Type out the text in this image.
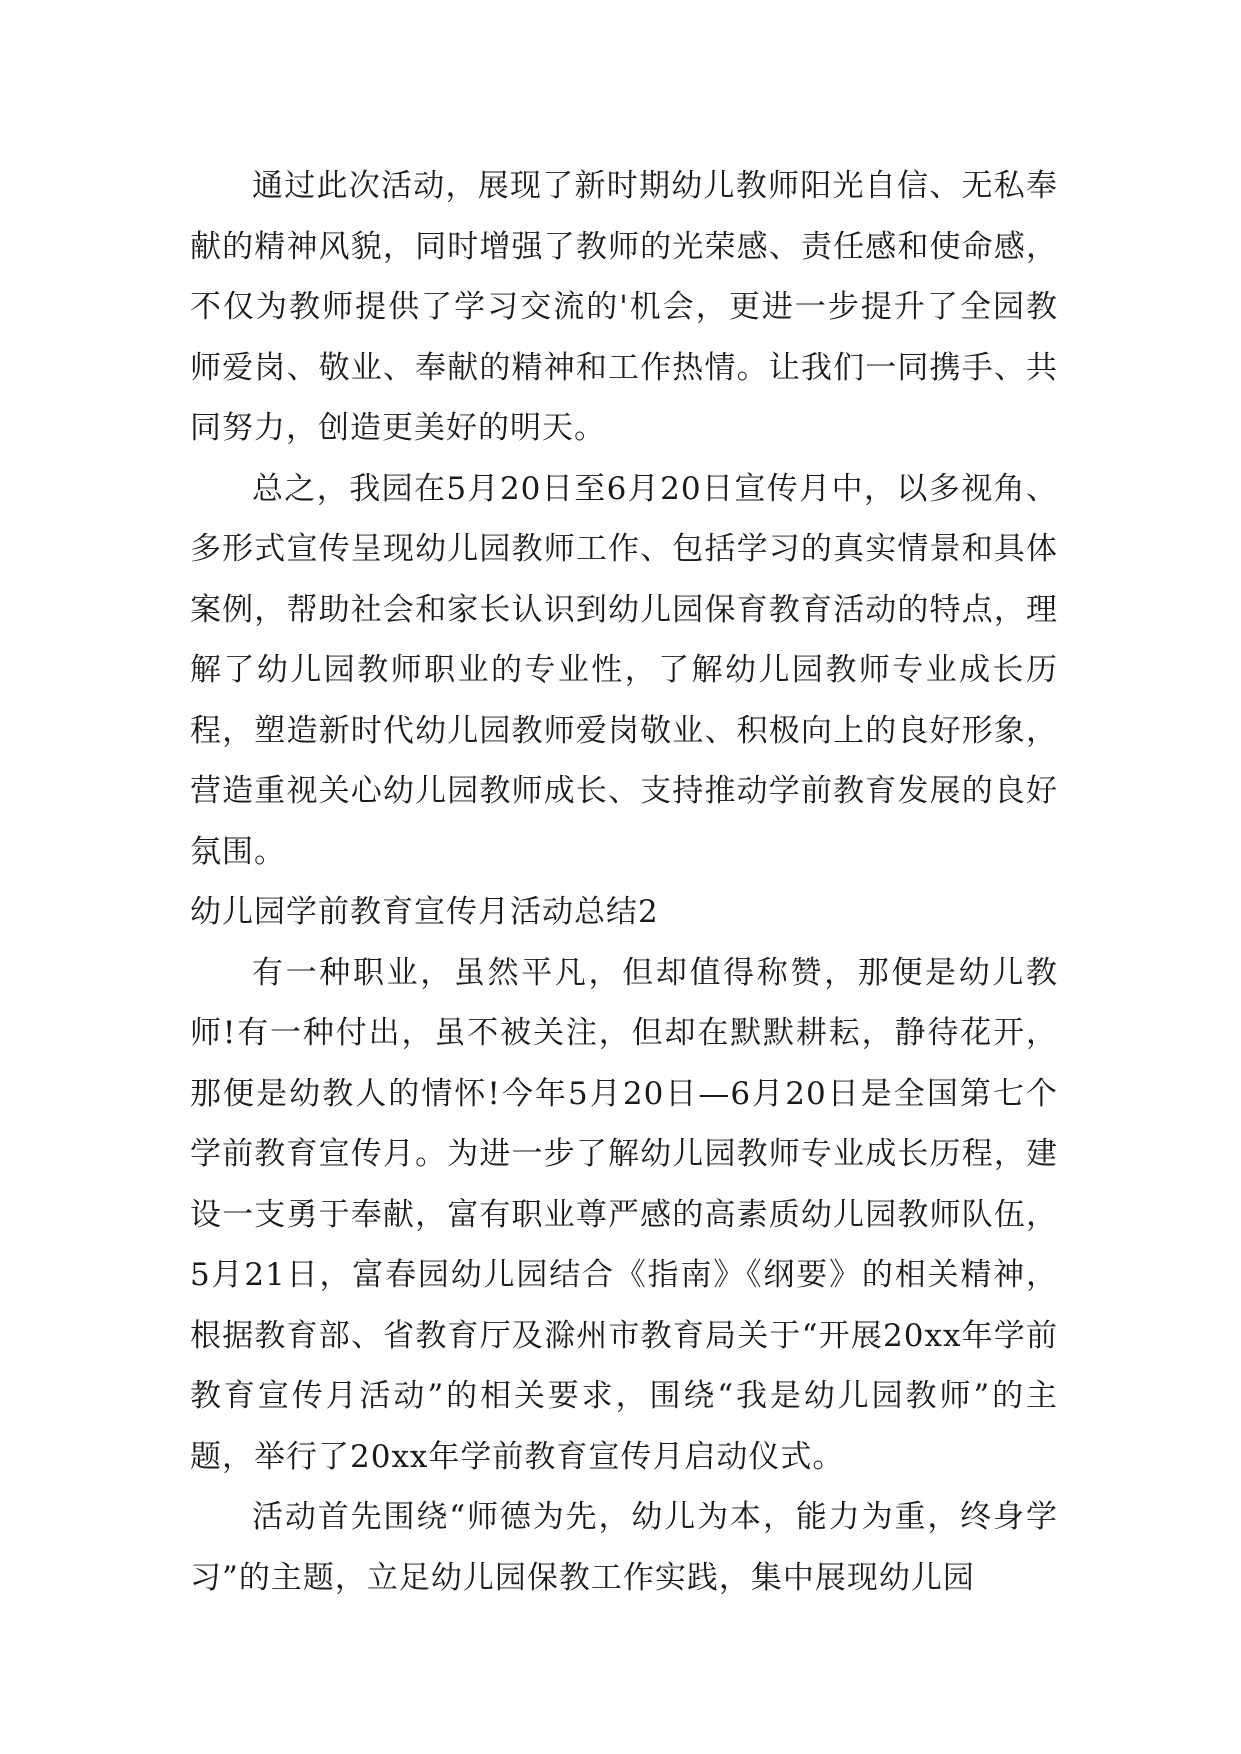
通过此次活动，展现了新时期幼儿教师阳光自信、无私奉献的精神风貌，同时增强了教师的光荣感、责任感和使命感，不仅为教师提供了学习交流的'机会，更进一步提升了全园教师爱岗、敬业、奉献的精神和工作热情。让我们一同携手、共同努力，创造更美好的明天。

总之，我园在5月20日至6月20日宣传月中，以多视角、多形式宣传呈现幼儿园教师工作、包括学习的真实情景和具体案例，帮助社会和家长认识到幼儿园保育教育活动的特点，理解了幼儿园教师职业的专业性，了解幼儿园教师专业成长历程，塑造新时代幼儿园教师爱岗敬业、积极向上的良好形象，营造重视关心幼儿园教师成长、支持推动学前教育发展的良好氛围。

幼儿园学前教育宣传月活动总结2

有一种职业，虽然平凡，但却值得称赞，那便是幼儿教师!有一种付出，虽不被关注，但却在默默耕耘，静待花开，那便是幼教人的情怀!今年5月20日—6月20日是全国第七个学前教育宣传月。为进一步了解幼儿园教师专业成长历程，建设一支勇于奉献，富有职业尊严感的高素质幼儿园教师队伍，5月21日，富春园幼儿园结合《指南》《纲要》的相关精神，根据教育部、省教育厅及滁州市教育局关于“开展20xx年学前教育宣传月活动”的相关要求，围绕“我是幼儿园教师”的主题，举行了20xx年学前教育宣传月启动仪式。

活动首先围绕“师德为先，幼儿为本，能力为重，终身学习”的主题，立足幼儿园保教工作实践，集中展现幼儿园
